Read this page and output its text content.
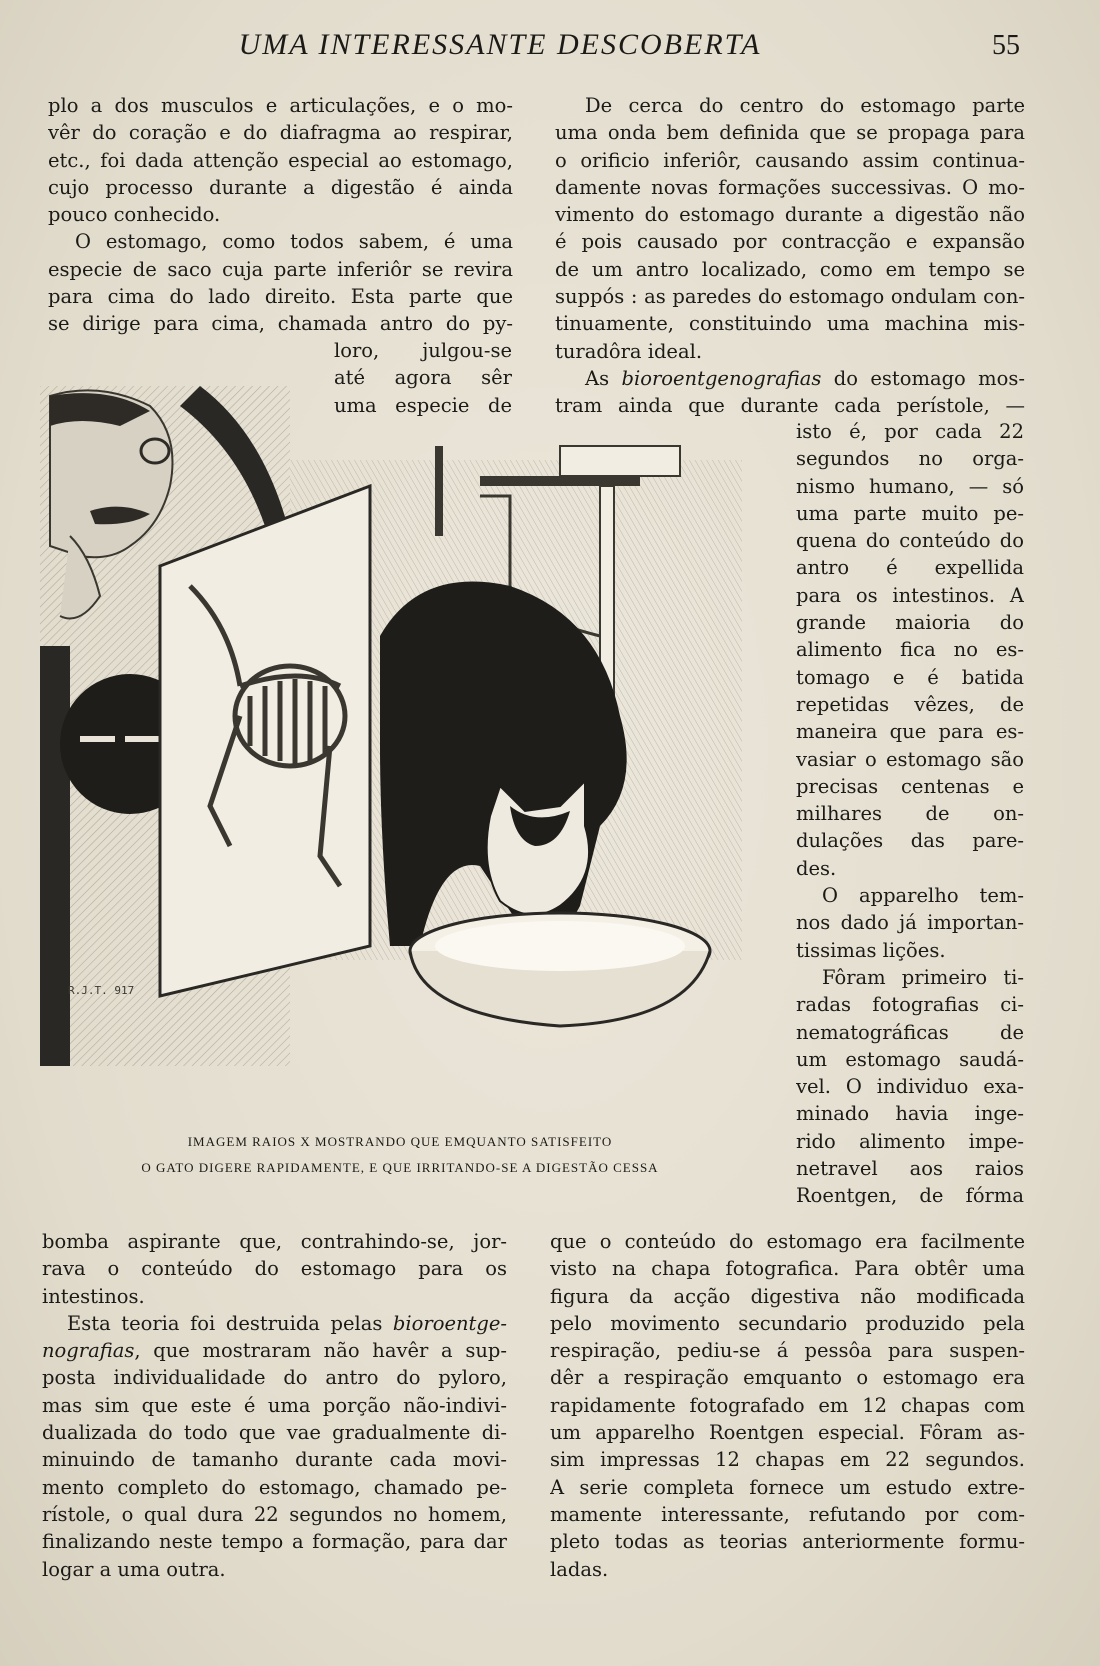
UMA INTERESSANTE DESCOBERTA	55
plo a dos musculos e articulações, e o mo-
vêr do coração e do diafragma ao respirar,
etc., foi dada attenção especial ao estomago,
cujo processo durante a digestão é ainda
pouco conhecido.
O estomago, como todos sabem, é uma
especie de saco cuja parte inferiôr se revira
para cima do lado direito. Esta parte que
se dirige para cima, chamada antro do py-
loro, julgou-se
até agora sêr
uma especie de
De cerca do centro do estomago parte
uma onda bem definida que se propaga para
o orificio inferiôr, causando assim continua-
damente novas formações successivas. O mo-
vimento do estomago durante a digestão não
é pois causado por contracção e expansão
de um antro localizado, como em tempo se
suppós : as paredes do estomago ondulam con-
tinuamente, constituindo uma machina mis-
turadôra ideal.
As bioroentgenografias do estomago mos-
tram ainda que durante cada perístole, —
isto é, por cada 22
segundos no orga-
nismo humano, — só
uma parte muito pe-
quena do conteúdo do
antro é expellida
para os intestinos. A
grande maioria do
alimento fica no es-
tomago e é batida
repetidas vêzes, de
maneira que para es-
vasiar o estomago são
precisas centenas e
milhares de on-
dulações das pare-
des.
O apparelho tem-
nos dado já importan-
tissimas lições.
Fôram primeiro ti-
radas fotografias ci-
nematográficas de
um estomago saudá-
vel. O individuo exa-
minado havia inge-
rido alimento impe-
netravel aos raios
Roentgen, de fórma
que o conteúdo do estomago era facilmente
visto na chapa fotografica. Para obtêr uma
figura da acção digestiva não modificada
pelo movimento secundario produzido pela
respiração, pediu-se á pessôa para suspen-
dêr a respiração emquanto o estomago era
rapidamente fotografado em 12 chapas com
um apparelho Roentgen especial. Fôram as-
sim impressas 12 chapas em 22 segundos.
A serie completa fornece um estudo extre-
mamente interessante, refutando por com-
pleto todas as teorias anteriormente formu-
ladas.
bomba aspirante que, contrahindo-se, jor-
rava o conteúdo do estomago para os
intestinos.
Esta teoria foi destruida pelas bioroentge-
nografias, que mostraram não havêr a sup-
posta individualidade do antro do pyloro,
mas sim que este é uma porção não-indivi-
dualizada do todo que vae gradualmente di-
minuindo de tamanho durante cada movi-
mento completo do estomago, chamado pe-
rístole, o qual dura 22 segundos no homem,
finalizando neste tempo a formação, para dar
logar a uma outra.
R.J.T. 917
IMAGEM RAIOS X MOSTRANDO QUE EMQUANTO SATISFEITO
O GATO DIGERE RAPIDAMENTE, E QUE IRRITANDO-SE A DIGESTÃO CESSA
